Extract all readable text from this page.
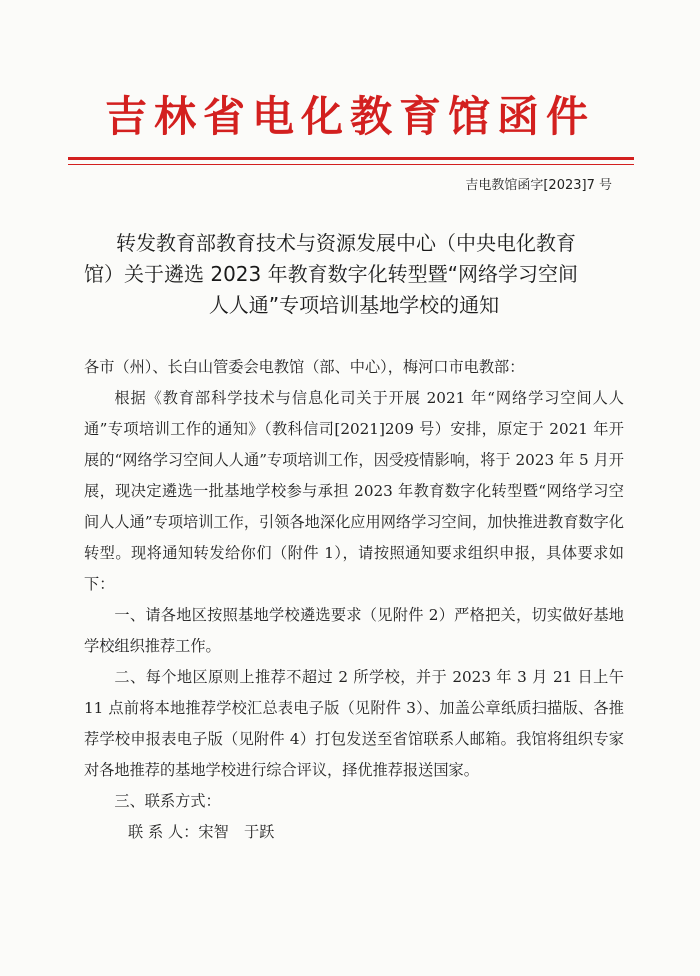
吉林省电化教育馆函件
吉电教馆函字[2023]7 号
转发教育部教育技术与资源发展中心（中央电化教育
馆）关于遴选 2023 年教育数字化转型暨“网络学习空间
人人通”专项培训基地学校的通知

各市（州）、长白山管委会电教馆（部、中心），梅河口市电教部：

根据《教育部科学技术与信息化司关于开展 2021 年“网络学习空间人人通”专项培训工作的通知》（教科信司[2021]209 号）安排，原定于 2021 年开展的“网络学习空间人人通”专项培训工作，因受疫情影响，将于 2023 年 5 月开展，现决定遴选一批基地学校参与承担 2023 年教育数字化转型暨“网络学习空间人人通”专项培训工作，引领各地深化应用网络学习空间，加快推进教育数字化转型。现将通知转发给你们（附件 1），请按照通知要求组织申报，具体要求如下：

一、请各地区按照基地学校遴选要求（见附件 2）严格把关，切实做好基地学校组织推荐工作。

二、每个地区原则上推荐不超过 2 所学校，并于 2023 年 3 月 21 日上午 11 点前将本地推荐学校汇总表电子版（见附件 3）、加盖公章纸质扫描版、各推荐学校申报表电子版（见附件 4）打包发送至省馆联系人邮箱。我馆将组织专家对各地推荐的基地学校进行综合评议，择优推荐报送国家。

三、联系方式：

联 系 人：宋智　于跃
